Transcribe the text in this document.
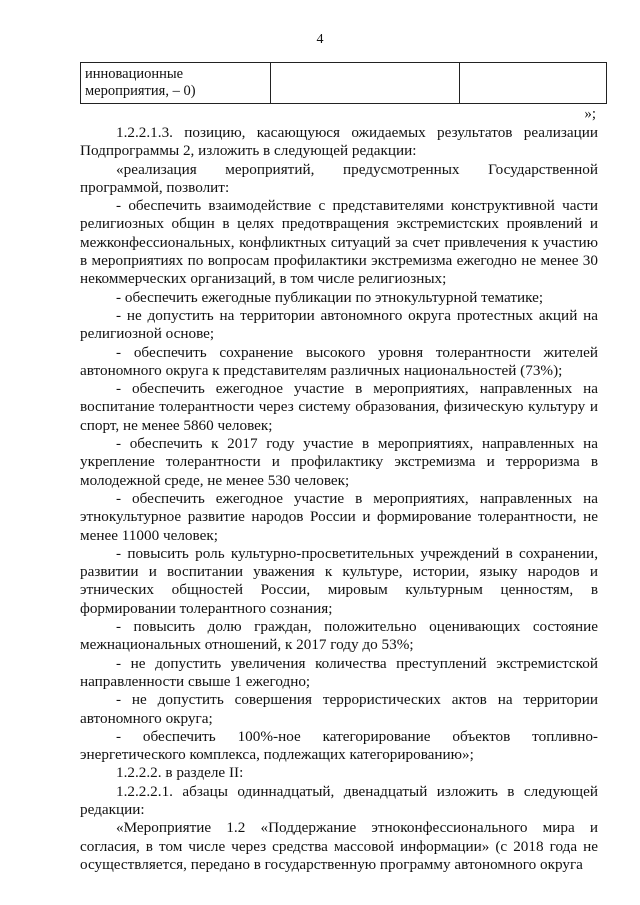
4
инновационные
мероприятия, – 0)

»;

1.2.2.1.3. позицию, касающуюся ожидаемых результатов реализации Подпрограммы 2, изложить в следующей редакции:

«реализация мероприятий, предусмотренных Государственной программой, позволит:

- обеспечить взаимодействие с представителями конструктивной части религиозных общин в целях предотвращения экстремистских проявлений и межконфессиональных, конфликтных ситуаций за счет привлечения к участию в мероприятиях по вопросам профилактики экстремизма ежегодно не менее 30 некоммерческих организаций, в том числе религиозных;

- обеспечить ежегодные публикации по этнокультурной тематике;

- не допустить на территории автономного округа протестных акций на религиозной основе;

- обеспечить сохранение высокого уровня толерантности жителей автономного округа к представителям различных национальностей (73%);

- обеспечить ежегодное участие в мероприятиях, направленных на воспитание толерантности через систему образования, физическую культуру и спорт, не менее 5860 человек;

- обеспечить к 2017 году участие в мероприятиях, направленных на укрепление толерантности и профилактику экстремизма и терроризма в молодежной среде, не менее 530 человек;

- обеспечить ежегодное участие в мероприятиях, направленных на этнокультурное развитие народов России и формирование толерантности, не менее 11000 человек;

- повысить роль культурно-просветительных учреждений в сохранении, развитии и воспитании уважения к культуре, истории, языку народов и этнических общностей России, мировым культурным ценностям, в формировании толерантного сознания;

- повысить долю граждан, положительно оценивающих состояние межнациональных отношений, к 2017 году до 53%;

- не допустить увеличения количества преступлений экстремистской направленности свыше 1 ежегодно;

- не допустить совершения террористических актов на территории автономного округа;

- обеспечить 100%-ное категорирование объектов топливно-энергетического комплекса, подлежащих категорированию»;

1.2.2.2. в разделе II:

1.2.2.2.1. абзацы одиннадцатый, двенадцатый изложить в следующей редакции:

«Мероприятие 1.2 «Поддержание этноконфессионального мира и согласия, в том числе через средства массовой информации» (с 2018 года не осуществляется, передано в государственную программу автономного округа
